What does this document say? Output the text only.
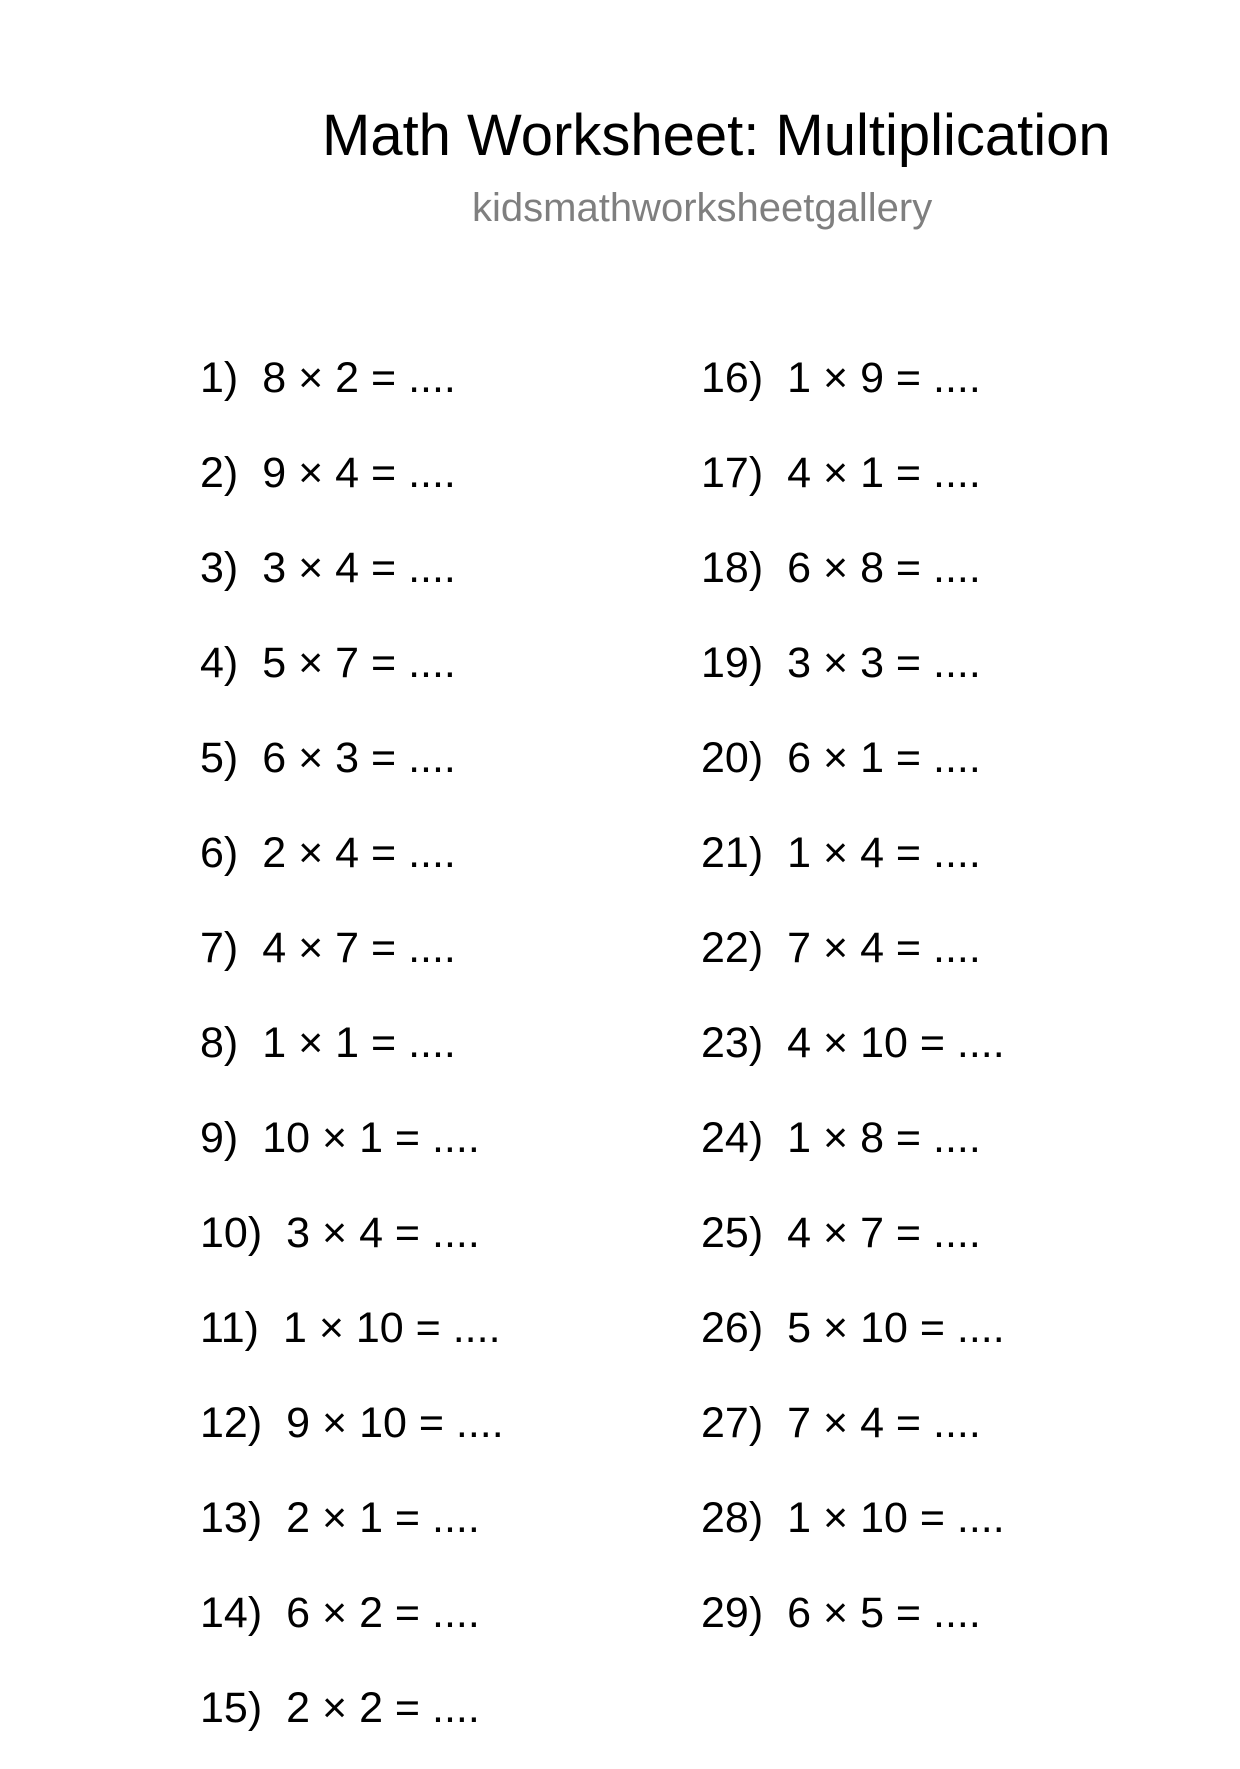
Math Worksheet: Multiplication
kidsmathworksheetgallery
1) 8 × 2 = ....
2) 9 × 4 = ....
3) 3 × 4 = ....
4) 5 × 7 = ....
5) 6 × 3 = ....
6) 2 × 4 = ....
7) 4 × 7 = ....
8) 1 × 1 = ....
9) 10 × 1 = ....
10) 3 × 4 = ....
11) 1 × 10 = ....
12) 9 × 10 = ....
13) 2 × 1 = ....
14) 6 × 2 = ....
15) 2 × 2 = ....
16) 1 × 9 = ....
17) 4 × 1 = ....
18) 6 × 8 = ....
19) 3 × 3 = ....
20) 6 × 1 = ....
21) 1 × 4 = ....
22) 7 × 4 = ....
23) 4 × 10 = ....
24) 1 × 8 = ....
25) 4 × 7 = ....
26) 5 × 10 = ....
27) 7 × 4 = ....
28) 1 × 10 = ....
29) 6 × 5 = ....
